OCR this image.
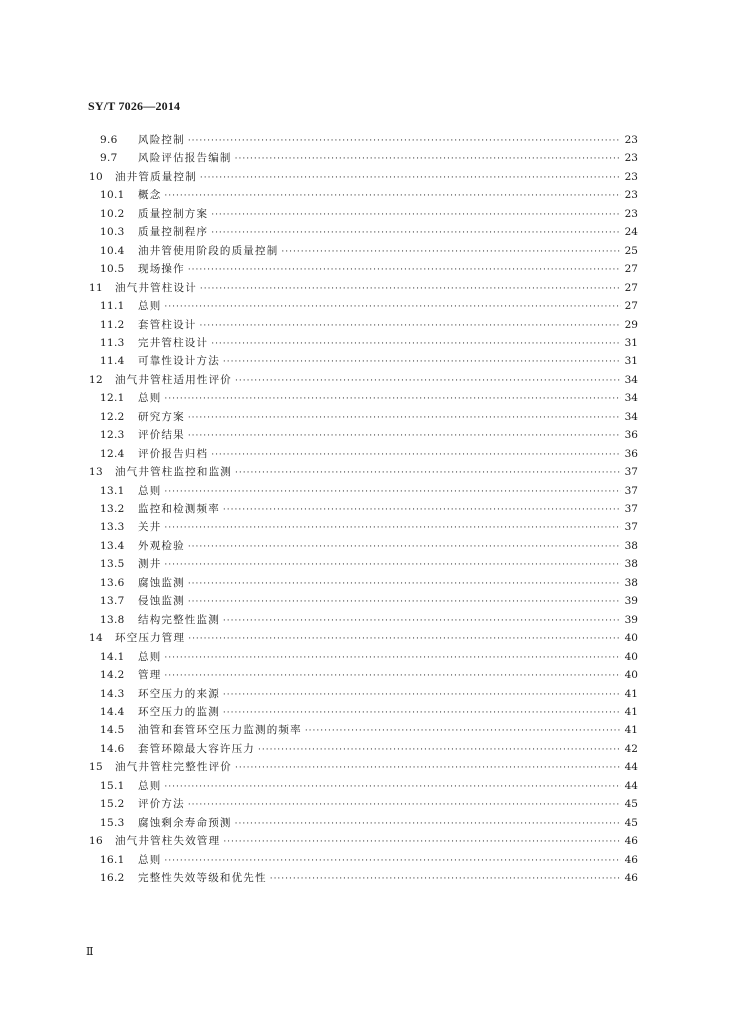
SY/T 7026—2014
9.6	风险控制 ·····	23
9.7	风险评估报告编制 ·····	23
10	油井管质量控制 ·····	23
10.1	概念 ·····	23
10.2	质量控制方案 ·····	23
10.3	质量控制程序 ·····	24
10.4	油井管使用阶段的质量控制 ·····	25
10.5	现场操作 ·····	27
11	油气井管柱设计 ·····	27
11.1	总则 ·····	27
11.2	套管柱设计 ·····	29
11.3	完井管柱设计 ·····	31
11.4	可靠性设计方法 ·····	31
12	油气井管柱适用性评价 ·····	34
12.1	总则 ·····	34
12.2	研究方案 ·····	34
12.3	评价结果 ·····	36
12.4	评价报告归档 ·····	36
13	油气井管柱监控和监测 ·····	37
13.1	总则 ·····	37
13.2	监控和检测频率 ·····	37
13.3	关井 ·····	37
13.4	外观检验 ·····	38
13.5	测井 ·····	38
13.6	腐蚀监测 ·····	38
13.7	侵蚀监测 ·····	39
13.8	结构完整性监测 ·····	39
14	环空压力管理 ·····	40
14.1	总则 ·····	40
14.2	管理 ·····	40
14.3	环空压力的来源 ·····	41
14.4	环空压力的监测 ·····	41
14.5	油管和套管环空压力监测的频率 ·····	41
14.6	套管环隙最大容许压力 ·····	42
15	油气井管柱完整性评价 ·····	44
15.1	总则 ·····	44
15.2	评价方法 ·····	45
15.3	腐蚀剩余寿命预测 ·····	45
16	油气井管柱失效管理 ·····	46
16.1	总则 ·····	46
16.2	完整性失效等级和优先性 ·····	46
Ⅱ
